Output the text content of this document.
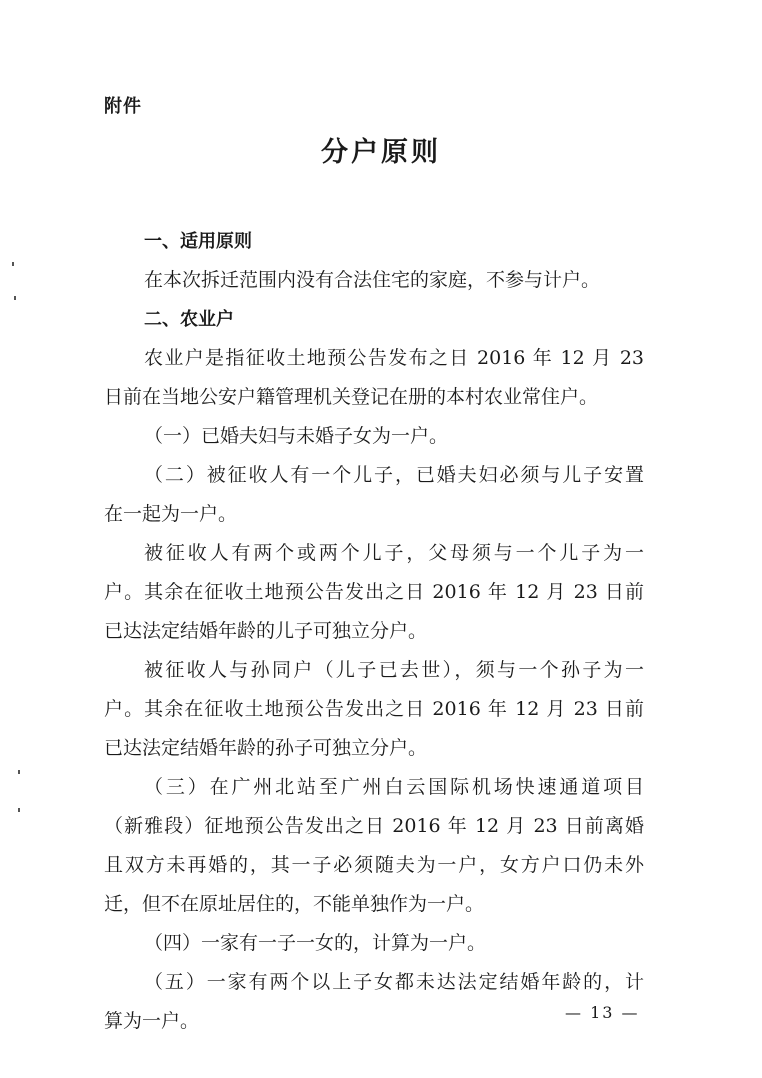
附件
分户原则
一、适用原则
在本次拆迁范围内没有合法住宅的家庭，不参与计户。
二、农业户
农业户是指征收土地预公告发布之日 2016 年 12 月 23
日前在当地公安户籍管理机关登记在册的本村农业常住户。
（一）已婚夫妇与未婚子女为一户。
（二）被征收人有一个儿子，已婚夫妇必须与儿子安置
在一起为一户。
被征收人有两个或两个儿子，父母须与一个儿子为一
户。其余在征收土地预公告发出之日 2016 年 12 月 23 日前
已达法定结婚年龄的儿子可独立分户。
被征收人与孙同户（儿子已去世），须与一个孙子为一
户。其余在征收土地预公告发出之日 2016 年 12 月 23 日前
已达法定结婚年龄的孙子可独立分户。
（三）在广州北站至广州白云国际机场快速通道项目
（新雅段）征地预公告发出之日 2016 年 12 月 23 日前离婚
且双方未再婚的，其一子必须随夫为一户，女方户口仍未外
迁，但不在原址居住的，不能单独作为一户。
（四）一家有一子一女的，计算为一户。
（五）一家有两个以上子女都未达法定结婚年龄的，计
算为一户。	— 13 —
